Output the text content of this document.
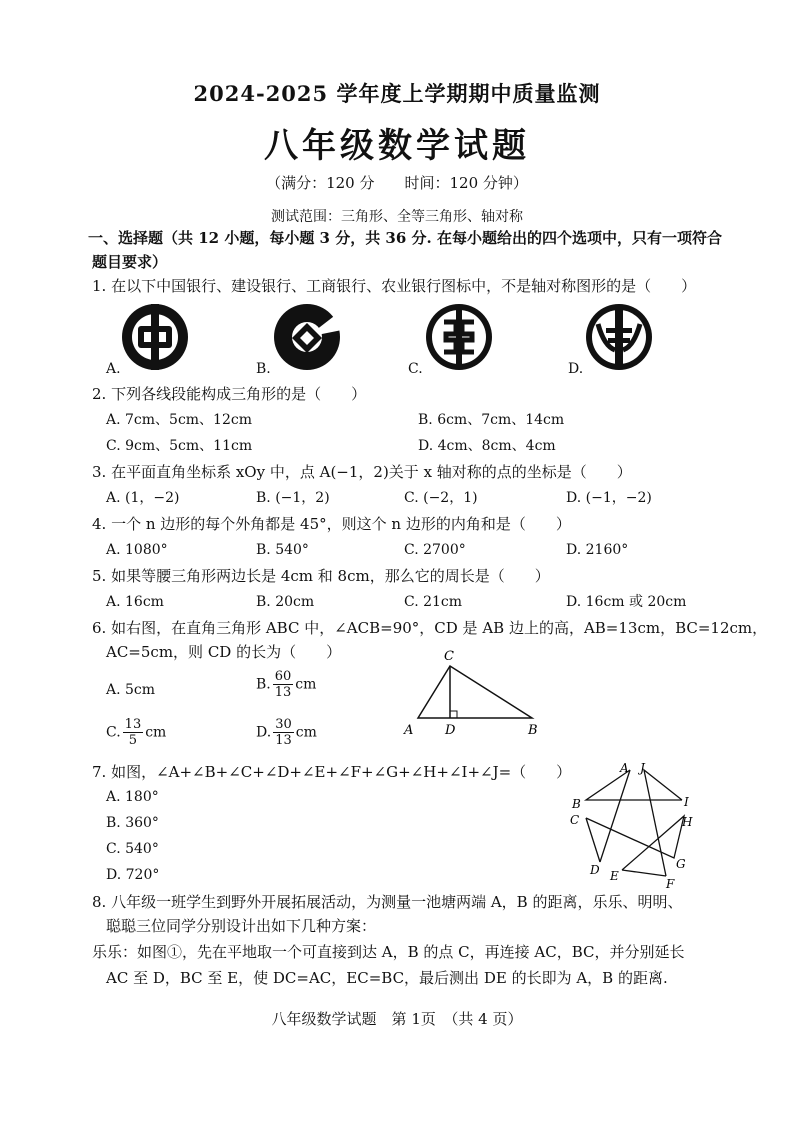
2024-2025 学年度上学期期中质量监测
八年级数学试题
（满分：120 分　　时间：120 分钟）
测试范围：三角形、全等三角形、轴对称
一、选择题（共 12 小题，每小题 3 分，共 36 分. 在每小题给出的四个选项中，只有一项符合
题目要求）
1. 在以下中国银行、建设银行、工商银行、农业银行图标中，不是轴对称图形的是（　　）
A.	B.	C.	D.
2. 下列各线段能构成三角形的是（　　）
A. 7cm、5cm、12cm	B. 6cm、7cm、14cm
C. 9cm、5cm、11cm	D. 4cm、8cm、4cm
3. 在平面直角坐标系 xOy 中，点 A(−1，2)关于 x 轴对称的点的坐标是（　　）
A. (1，−2)	B. (−1，2)	C. (−2，1)	D. (−1，−2)
4. 一个 n 边形的每个外角都是 45°，则这个 n 边形的内角和是（　　）
A. 1080°	B. 540°	C. 2700°	D. 2160°
5. 如果等腰三角形两边长是 4cm 和 8cm，那么它的周长是（　　）
A. 16cm	B. 20cm	C. 21cm	D. 16cm 或 20cm
6. 如右图，在直角三角形 ABC 中，∠ACB=90°，CD 是 AB 边上的高，AB=13cm，BC=12cm，
AC=5cm，则 CD 的长为（　　）
A. 5cm	B. $\frac{60}{13}$ cm
C. $\frac{13}{5}$ cm	D. $\frac{30}{13}$ cm
C
A D	B
7. 如图，∠A+∠B+∠C+∠D+∠E+∠F+∠G+∠H+∠I+∠J=（　　）
A. 180°
B. 360°
C. 540°
D. 720°
A J
B	I
C	H
D E
G
F
8. 八年级一班学生到野外开展拓展活动，为测量一池塘两端 A，B 的距离，乐乐、明明、
聪聪三位同学分别设计出如下几种方案：
乐乐：如图①，先在平地取一个可直接到达 A，B 的点 C，再连接 AC，BC，并分别延长
AC 至 D，BC 至 E，使 DC=AC，EC=BC，最后测出 DE 的长即为 A，B 的距离.
八年级数学试题　第 1页　（共 4 页）
